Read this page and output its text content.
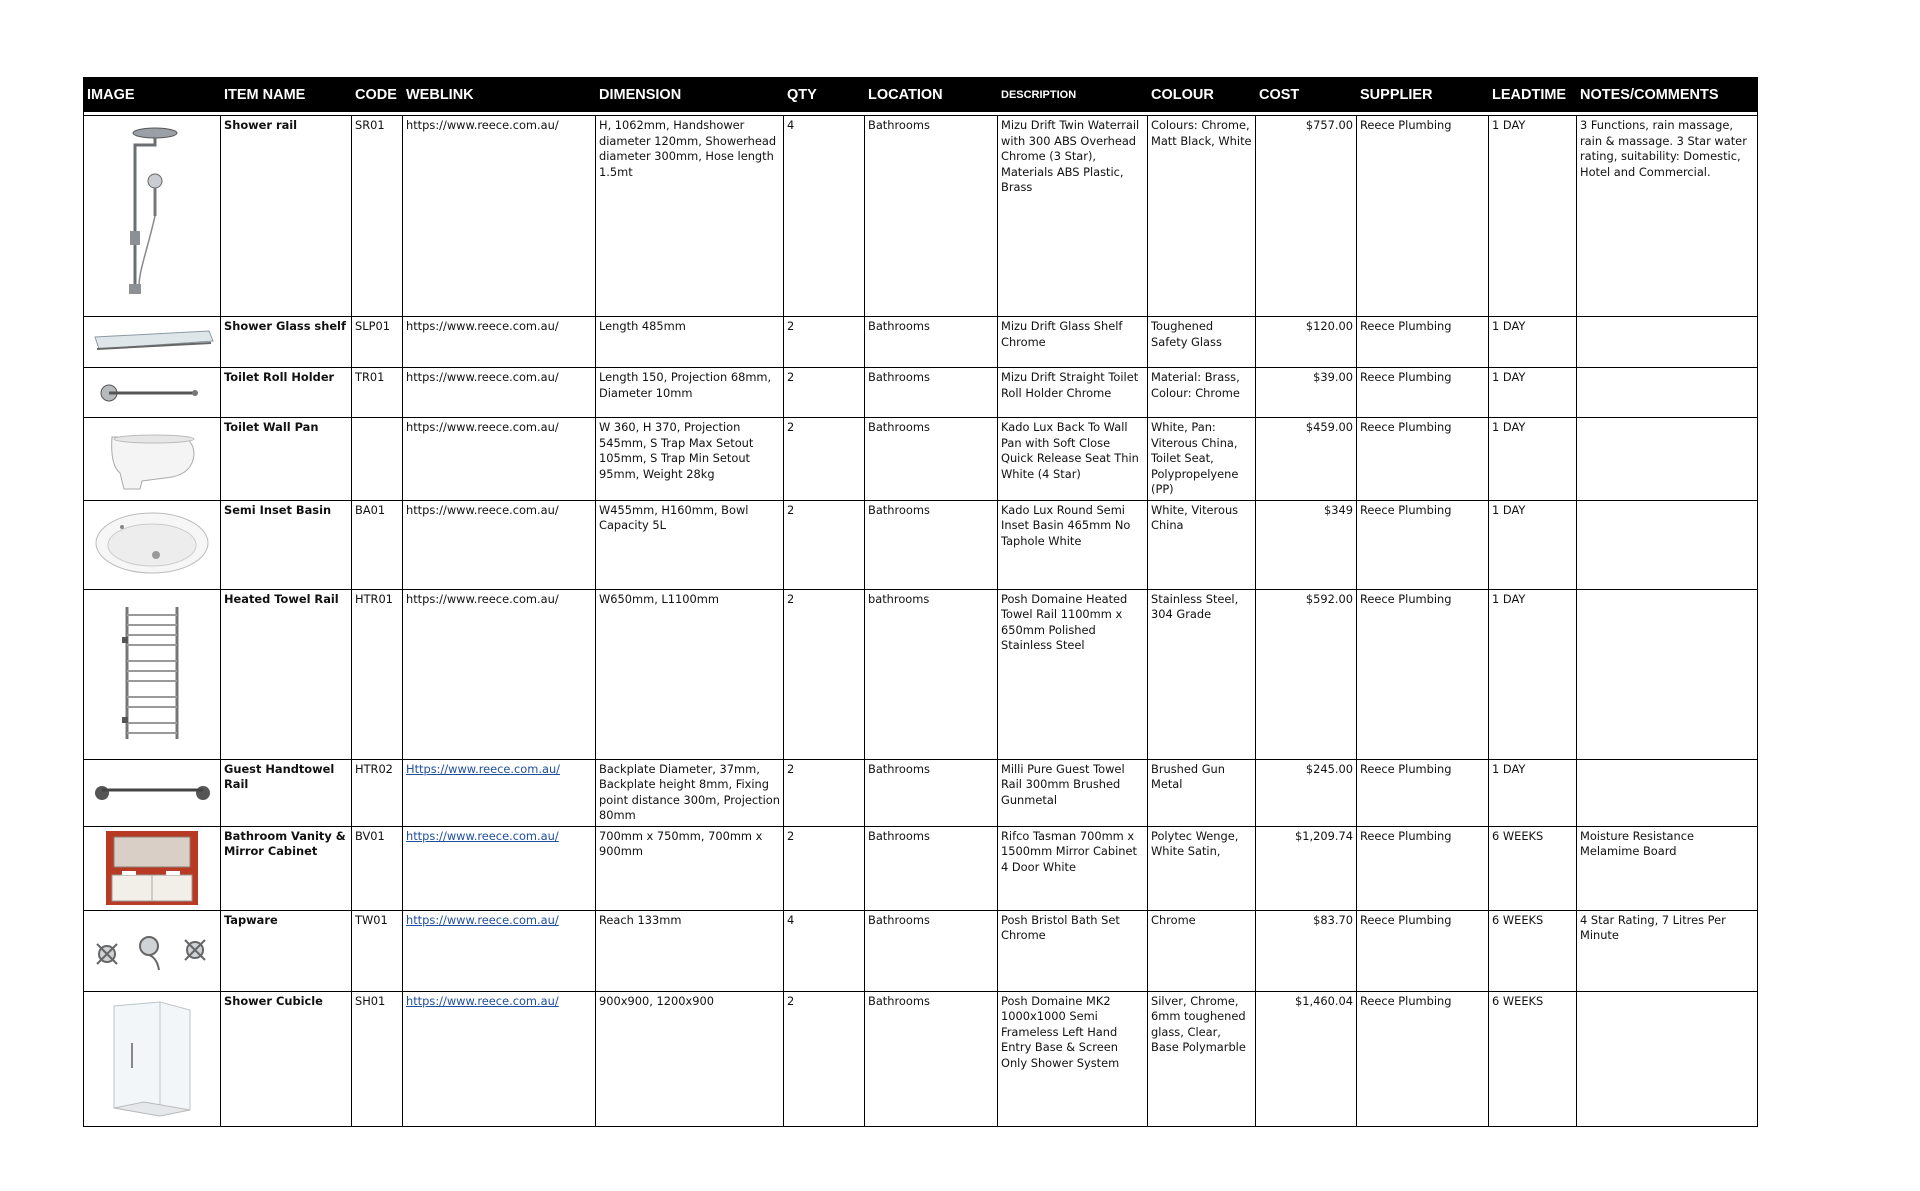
IMAGE	ITEM NAME	CODE	WEBLINK	DIMENSION	QTY	LOCATION	DESCRIPTION	COLOUR	COST	SUPPLIER	LEADTIME	NOTES/COMMENTS

	Shower rail	SR01	https://www.reece.com.au/	H, 1062mm, Handshower diameter 120mm, Showerhead diameter 300mm, Hose length 1.5mt	4	Bathrooms	Mizu Drift Twin Waterrail with 300 ABS Overhead Chrome (3 Star), Materials ABS Plastic, Brass	Colours: Chrome, Matt Black, White	$757.00	Reece Plumbing	1 DAY	3 Functions, rain massage, rain & massage. 3 Star water rating, suitability: Domestic, Hotel and Commercial.

	Shower Glass shelf	SLP01	https://www.reece.com.au/	Length 485mm	2	Bathrooms	Mizu Drift Glass Shelf Chrome	Toughened Safety Glass	$120.00	Reece Plumbing	1 DAY	

	Toilet Roll Holder	TR01	https://www.reece.com.au/	Length 150, Projection 68mm, Diameter 10mm	2	Bathrooms	Mizu Drift Straight Toilet Roll Holder Chrome	Material: Brass, Colour: Chrome	$39.00	Reece Plumbing	1 DAY	

	Toilet Wall Pan		https://www.reece.com.au/	W 360, H 370, Projection 545mm, S Trap Max Setout 105mm, S Trap Min Setout 95mm, Weight 28kg	2	Bathrooms	Kado Lux Back To Wall Pan with Soft Close Quick Release Seat Thin White (4 Star)	White, Pan: Viterous China, Toilet Seat, Polypropelyene (PP)	$459.00	Reece Plumbing	1 DAY	

	Semi Inset Basin	BA01	https://www.reece.com.au/	W455mm, H160mm, Bowl Capacity 5L	2	Bathrooms	Kado Lux Round Semi Inset Basin 465mm No Taphole White	White, Viterous China	$349	Reece Plumbing	1 DAY	

	Heated Towel Rail	HTR01	https://www.reece.com.au/	W650mm, L1100mm	2	bathrooms	Posh Domaine Heated Towel Rail 1100mm x 650mm Polished Stainless Steel	Stainless Steel, 304 Grade	$592.00	Reece Plumbing	1 DAY	

	Guest Handtowel Rail	HTR02	Https://www.reece.com.au/	Backplate Diameter, 37mm, Backplate height 8mm, Fixing point distance 300m, Projection 80mm	2	Bathrooms	Milli Pure Guest Towel Rail 300mm Brushed Gunmetal	Brushed Gun Metal	$245.00	Reece Plumbing	1 DAY	

	Bathroom Vanity & Mirror Cabinet	BV01	https://www.reece.com.au/	700mm x 750mm, 700mm x 900mm	2	Bathrooms	Rifco Tasman 700mm x 1500mm Mirror Cabinet 4 Door White	Polytec Wenge, White Satin,	$1,209.74	Reece Plumbing	6 WEEKS	Moisture Resistance Melamime Board

	Tapware	TW01	https://www.reece.com.au/	Reach 133mm	4	Bathrooms	Posh Bristol Bath Set Chrome	Chrome	$83.70	Reece Plumbing	6 WEEKS	4 Star Rating, 7 Litres Per Minute

	Shower Cubicle	SH01	https://www.reece.com.au/	900x900, 1200x900	2	Bathrooms	Posh Domaine MK2 1000x1000 Semi Frameless Left Hand Entry Base & Screen Only Shower System	Silver, Chrome, 6mm toughened glass, Clear, Base Polymarble	$1,460.04	Reece Plumbing	6 WEEKS	
